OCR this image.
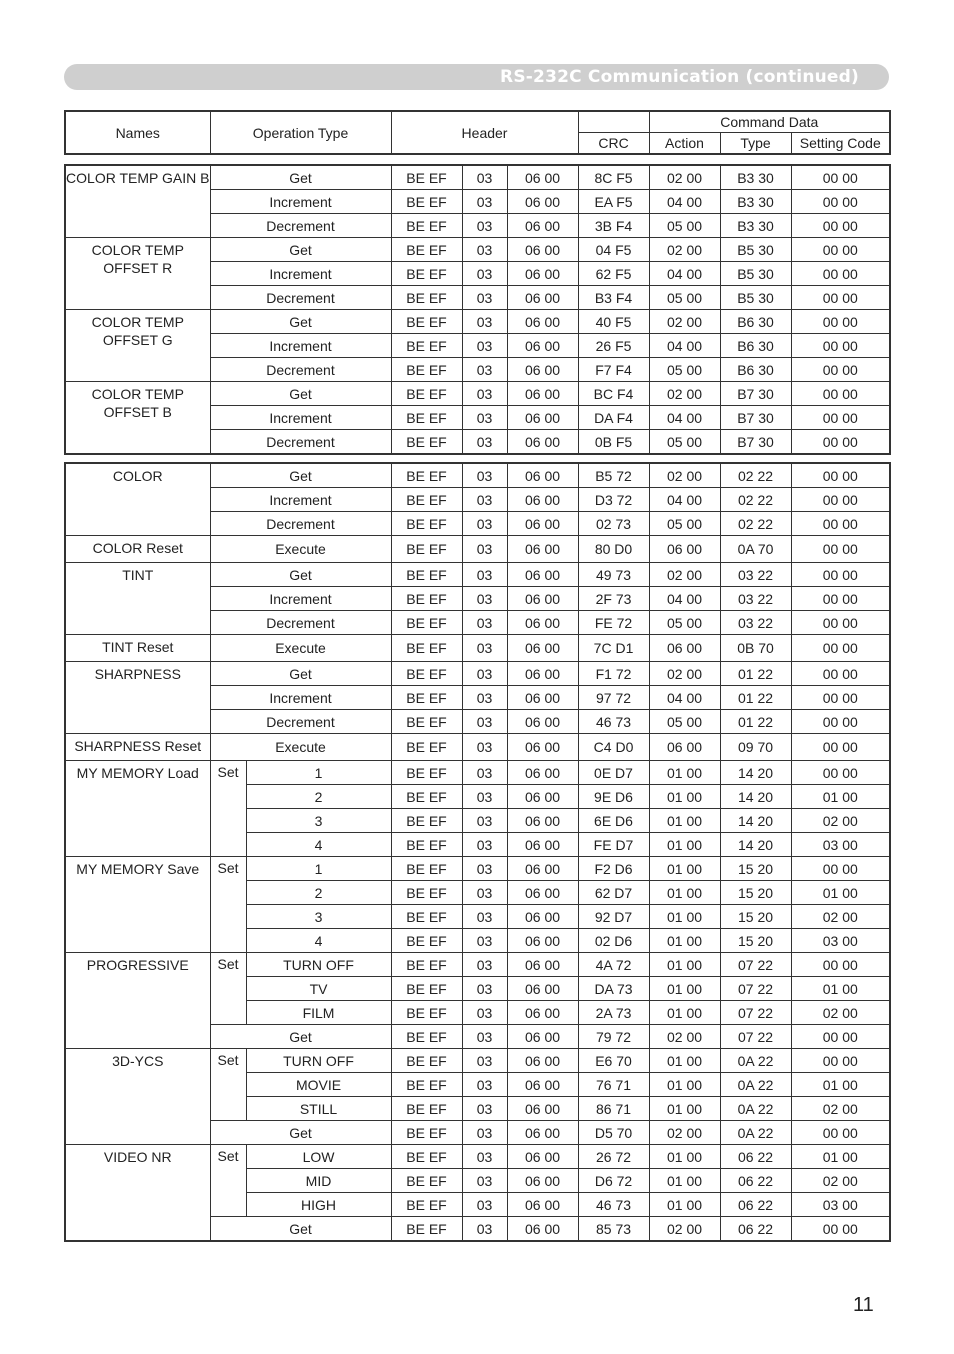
RS-232C Communication (continued)
Names	Operation Type	Header		Command Data		
			CRC	Action	Type	Setting Code
COLOR TEMP GAIN B	Get	BE EF	03	06 00	8C F5	02 00	B3 30	00 00
	Increment	BE EF	03	06 00	EA F5	04 00	B3 30	00 00
	Decrement	BE EF	03	06 00	3B F4	05 00	B3 30	00 00
COLOR TEMP OFFSET R	Get	BE EF	03	06 00	04 F5	02 00	B5 30	00 00
	Increment	BE EF	03	06 00	62 F5	04 00	B5 30	00 00
	Decrement	BE EF	03	06 00	B3 F4	05 00	B5 30	00 00
COLOR TEMP OFFSET G	Get	BE EF	03	06 00	40 F5	02 00	B6 30	00 00
	Increment	BE EF	03	06 00	26 F5	04 00	B6 30	00 00
	Decrement	BE EF	03	06 00	F7 F4	05 00	B6 30	00 00
COLOR TEMP OFFSET B	Get	BE EF	03	06 00	BC F4	02 00	B7 30	00 00
	Increment	BE EF	03	06 00	DA F4	04 00	B7 30	00 00
	Decrement	BE EF	03	06 00	0B F5	05 00	B7 30	00 00
COLOR	Get		BE EF	03	06 00	B5 72	02 00	02 22	00 00
	Increment		BE EF	03	06 00	D3 72	04 00	02 22	00 00
	Decrement		BE EF	03	06 00	02 73	05 00	02 22	00 00
COLOR Reset	Execute		BE EF	03	06 00	80 D0	06 00	0A 70	00 00
TINT	Get		BE EF	03	06 00	49 73	02 00	03 22	00 00
	Increment		BE EF	03	06 00	2F 73	04 00	03 22	00 00
	Decrement		BE EF	03	06 00	FE 72	05 00	03 22	00 00
TINT Reset	Execute		BE EF	03	06 00	7C D1	06 00	0B 70	00 00
SHARPNESS	Get		BE EF	03	06 00	F1 72	02 00	01 22	00 00
	Increment		BE EF	03	06 00	97 72	04 00	01 22	00 00
	Decrement		BE EF	03	06 00	46 73	05 00	01 22	00 00
SHARPNESS Reset	Execute		BE EF	03	06 00	C4 D0	06 00	09 70	00 00
MY MEMORY Load	Set	1	BE EF	03	06 00	0E D7	01 00	14 20	00 00
		2	BE EF	03	06 00	9E D6	01 00	14 20	01 00
		3	BE EF	03	06 00	6E D6	01 00	14 20	02 00
		4	BE EF	03	06 00	FE D7	01 00	14 20	03 00
MY MEMORY Save	Set	1	BE EF	03	06 00	F2 D6	01 00	15 20	00 00
		2	BE EF	03	06 00	62 D7	01 00	15 20	01 00
		3	BE EF	03	06 00	92 D7	01 00	15 20	02 00
		4	BE EF	03	06 00	02 D6	01 00	15 20	03 00
PROGRESSIVE	Set	TURN OFF	BE EF	03	06 00	4A 72	01 00	07 22	00 00
		TV	BE EF	03	06 00	DA 73	01 00	07 22	01 00
		FILM	BE EF	03	06 00	2A 73	01 00	07 22	02 00
	Get		BE EF	03	06 00	79 72	02 00	07 22	00 00
3D-YCS	Set	TURN OFF	BE EF	03	06 00	E6 70	01 00	0A 22	00 00
		MOVIE	BE EF	03	06 00	76 71	01 00	0A 22	01 00
		STILL	BE EF	03	06 00	86 71	01 00	0A 22	02 00
	Get		BE EF	03	06 00	D5 70	02 00	0A 22	00 00
VIDEO NR	Set	LOW	BE EF	03	06 00	26 72	01 00	06 22	01 00
		MID	BE EF	03	06 00	D6 72	01 00	06 22	02 00
		HIGH	BE EF	03	06 00	46 73	01 00	06 22	03 00
	Get		BE EF	03	06 00	85 73	02 00	06 22	00 00
11
